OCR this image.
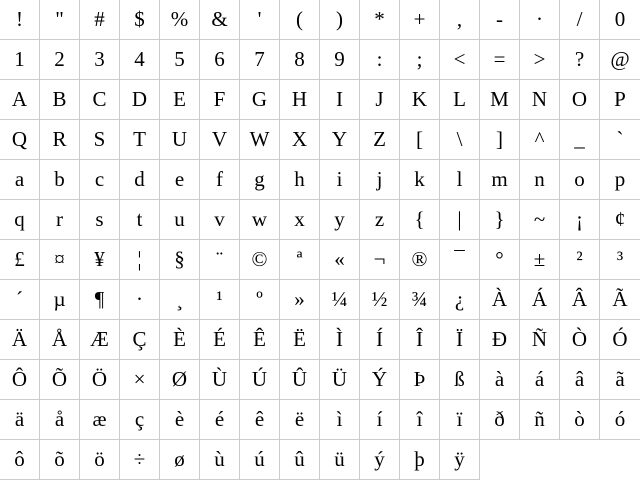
!	"	#	$	%	&	'	(	)	*	+	,	-	·	/	0
1	2	3	4	5	6	7	8	9	:	;	<	=	>	?	@
A	B	C	D	E	F	G	H	I	J	K	L	M	N	O	P
Q	R	S	T	U	V	W	X	Y	Z	[	\	]	^	_	`
a	b	c	d	e	f	g	h	i	j	k	l	m	n	o	p
q	r	s	t	u	v	w	x	y	z	{	|	}	~	¡	¢
£	¤	¥	¦	§	¨	©	ª	«	¬	®	¯	°	±	²	³
´	µ	¶	·	¸	¹	º	»	¼	½	¾	¿	À	Á	Â	Ã
Ä	Å	Æ	Ç	È	É	Ê	Ë	Ì	Í	Î	Ï	Ð	Ñ	Ò	Ó
Ô	Õ	Ö	×	Ø	Ù	Ú	Û	Ü	Ý	Þ	ß	à	á	â	ã
ä	å	æ	ç	è	é	ê	ë	ì	í	î	ï	ð	ñ	ò	ó
ô	õ	ö	÷	ø	ù	ú	û	ü	ý	þ	ÿ
